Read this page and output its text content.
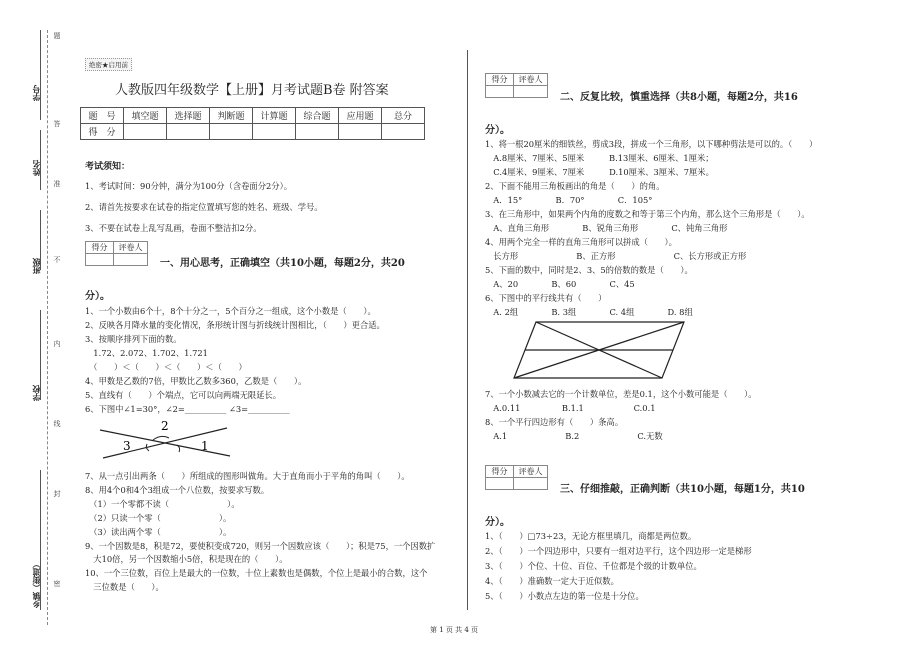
学号
姓名
班级
学校
乡镇（街道）
题
答
准
不
内
线
封
密
绝密★启用前
人教版四年级数学【上册】月考试题B卷 附答案
题　号	填空题	选择题	判断题	计算题	综合题	应用题	总分
得　分							
考试须知：
1、考试时间：90分钟，满分为100分（含卷面分2分）。
2、请首先按要求在试卷的指定位置填写您的姓名、班级、学号。
3、不要在试卷上乱写乱画，卷面不整洁扣2分。
得分	评卷人

一、用心思考，正确填空（共10小题，每题2分，共20
分）。
1、一个小数由6个十，8个十分之一，5个百分之一组成，这个小数是（　　）。
2、反映各月降水量的变化情况，条形统计图与折线统计图相比，（　　）更合适。
3、按顺序排列下面的数。
　1.72、2.072、1.702、1.721
　（　　）＜（　　）＜（　　）＜（　　）
4、甲数是乙数的7倍，甲数比乙数多360，乙数是（　　）。
5、直线有（　　）个端点，它可以向两端无限延长。
6、下图中∠1=30°，∠2=__________ ∠3=__________
2
3	1
7、从一点引出两条（　　）所组成的图形叫做角。大于直角而小于平角的角叫（　　）。
8、用4个0和4个3组成一个八位数，按要求写数。
　（1）一个零都不读（　　　　　　　）。
　（2）只读一个零（　　　　　　　）。
　（3）读出两个零（　　　　　　　）。
9、一个因数是8，积是72，要使积变成720，则另一个因数应该（　　）；积是75，一个因数扩
　大10倍，另一个因数缩小5倍，积是现在的（　　）。
10、一个三位数，百位上是最大的一位数，十位上素数也是偶数，个位上是最小的合数，这个
　三位数是（　　）。
得分	评卷人

二、反复比较，慎重选择（共8小题，每题2分，共16
分）。
1、将一根20厘米的细铁丝，剪成3段，拼成一个三角形，以下哪种剪法是可以的。（　　）
　A.8厘米、7厘米、5厘米　　　B.13厘米、6厘米、1厘米；
　C.4厘米、9厘米、7厘米　　　D.10厘米、3厘米、7厘米。
2、下面不能用三角板画出的角是（　　）的角。
　A．15°　　　　B．70°　　　　C．105°
3、在三角形中，如果两个内角的度数之和等于第三个内角，那么这个三角形是（　　）。
　A、直角三角形　　　　B、锐角三角形　　　　C、钝角三角形
4、用两个完全一样的直角三角形可以拼成（　　）。
　长方形　　　　　　　B、正方形　　　　　　　C、长方形或正方形
5、下面的数中，同时是2、3、5的倍数的数是（　　）。
　A、20　　　　B、60　　　　C、45
6、下图中的平行线共有（　　）
　A. 2组　　　　B. 3组　　　　C. 4组　　　　D. 8组
7、一个小数减去它的一个计数单位，差是0.1，这个小数可能是（　　）。
　A.0.11　　　　　B.1.1　　　　　　C.0.1
8、一个平行四边形有（　　）条高。
　A.1　　　　　　　B.2　　　　　　　C.无数
得分	评卷人

三、仔细推敲，正确判断（共10小题，每题1分，共10
分）。
1、（　　）□73÷23，无论方框里填几，商都是两位数。
2、（　　）一个四边形中，只要有一组对边平行，这个四边形一定是梯形
3、（　　）个位、十位、百位、千位都是个级的计数单位。
4、（　　）准确数一定大于近似数。
5、（　　）小数点左边的第一位是十分位。
第 1 页 共 4 页
